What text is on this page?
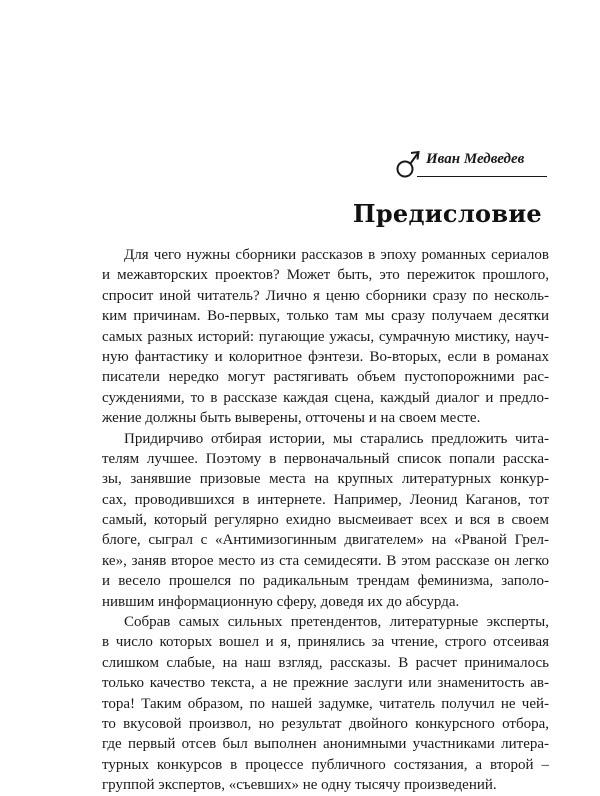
Иван Медведев
Предисловие
Для чего нужны сборники рассказов в эпоху романных сериалов
и межавторских проектов? Может быть, это пережиток прошлого,
спросит иной читатель? Лично я ценю сборники сразу по несколь-
ким причинам. Во-первых, только там мы сразу получаем десятки
самых разных историй: пугающие ужасы, сумрачную мистику, науч-
ную фантастику и колоритное фэнтези. Во-вторых, если в романах
писатели нередко могут растягивать объем пустопорожними рас-
суждениями, то в рассказе каждая сцена, каждый диалог и предло-
жение должны быть выверены, отточены и на своем месте.
Придирчиво отбирая истории, мы старались предложить чита-
телям лучшее. Поэтому в первоначальный список попали расска-
зы, занявшие призовые места на крупных литературных конкур-
сах, проводившихся в интернете. Например, Леонид Каганов, тот
самый, который регулярно ехидно высмеивает всех и вся в своем
блоге, сыграл с «Антимизогинным двигателем» на «Рваной Грел-
ке», заняв второе место из ста семидесяти. В этом рассказе он легко
и весело прошелся по радикальным трендам феминизма, заполо-
нившим информационную сферу, доведя их до абсурда.
Собрав самых сильных претендентов, литературные эксперты,
в число которых вошел и я, принялись за чтение, строго отсеивая
слишком слабые, на наш взгляд, рассказы. В расчет принималось
только качество текста, а не прежние заслуги или знаменитость ав-
тора! Таким образом, по нашей задумке, читатель получил не чей-
то вкусовой произвол, но результат двойного конкурсного отбора,
где первый отсев был выполнен анонимными участниками литера-
турных конкурсов в процессе публичного состязания, а второй –
группой экспертов, «съевших» не одну тысячу произведений.
